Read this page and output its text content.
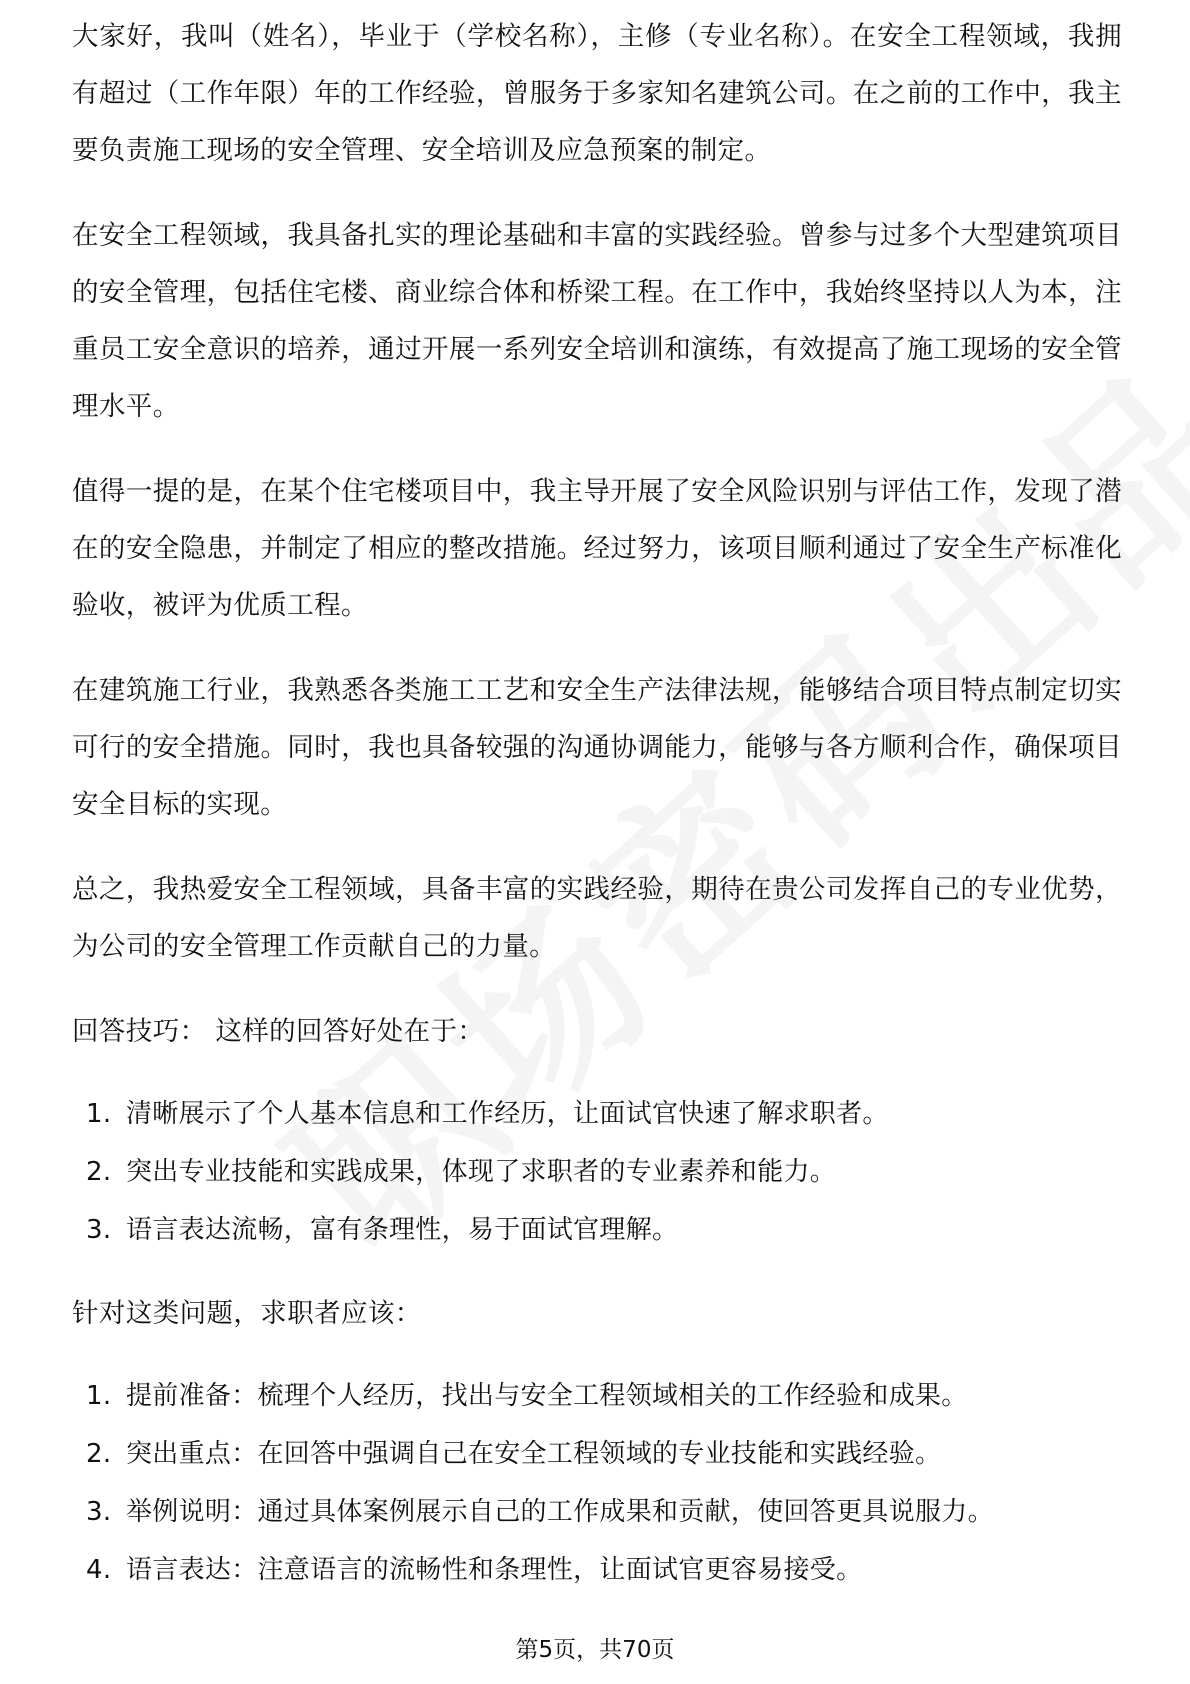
大家好，我叫（姓名），毕业于（学校名称），主修（专业名称）。在安全工程领域，我拥有超过（工作年限）年的工作经验，曾服务于多家知名建筑公司。在之前的工作中，我主要负责施工现场的安全管理、安全培训及应急预案的制定。

在安全工程领域，我具备扎实的理论基础和丰富的实践经验。曾参与过多个大型建筑项目的安全管理，包括住宅楼、商业综合体和桥梁工程。在工作中，我始终坚持以人为本，注重员工安全意识的培养，通过开展一系列安全培训和演练，有效提高了施工现场的安全管理水平。

值得一提的是，在某个住宅楼项目中，我主导开展了安全风险识别与评估工作，发现了潜在的安全隐患，并制定了相应的整改措施。经过努力，该项目顺利通过了安全生产标准化验收，被评为优质工程。

在建筑施工行业，我熟悉各类施工工艺和安全生产法律法规，能够结合项目特点制定切实可行的安全措施。同时，我也具备较强的沟通协调能力，能够与各方顺利合作，确保项目安全目标的实现。

总之，我热爱安全工程领域，具备丰富的实践经验，期待在贵公司发挥自己的专业优势，为公司的安全管理工作贡献自己的力量。

回答技巧： 这样的回答好处在于：
1. 清晰展示了个人基本信息和工作经历，让面试官快速了解求职者。
2. 突出专业技能和实践成果，体现了求职者的专业素养和能力。
3. 语言表达流畅，富有条理性，易于面试官理解。
针对这类问题，求职者应该：
1. 提前准备：梳理个人经历，找出与安全工程领域相关的工作经验和成果。
2. 突出重点：在回答中强调自己在安全工程领域的专业技能和实践经验。
3. 举例说明：通过具体案例展示自己的工作成果和贡献，使回答更具说服力。
4. 语言表达：注意语言的流畅性和条理性，让面试官更容易接受。
第5页，共70页
